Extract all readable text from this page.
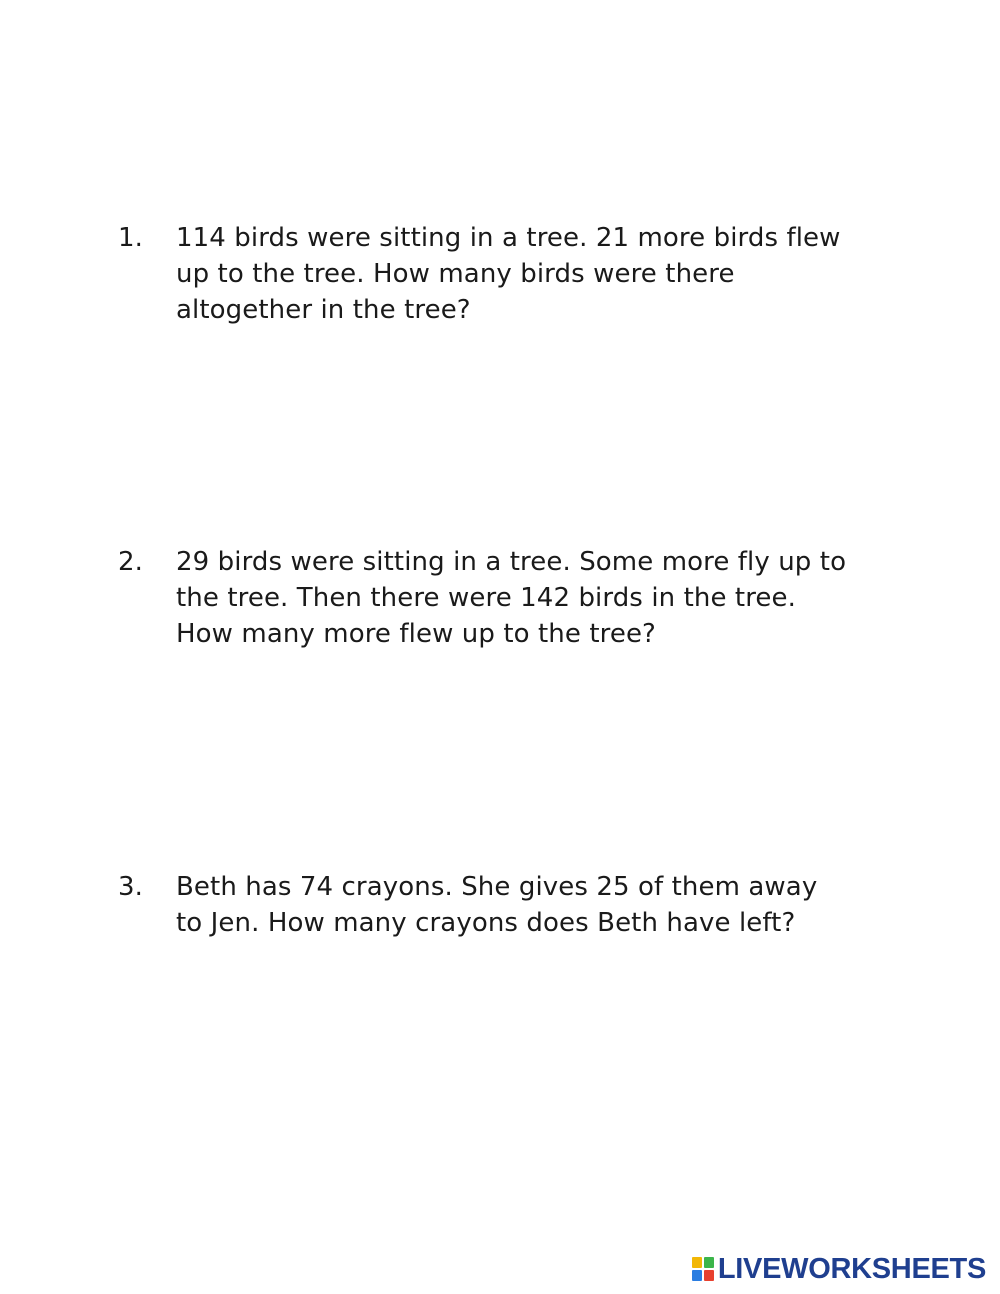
1.	114 birds were sitting in a tree. 21 more birds flew
up to the tree. How many birds were there
altogether in the tree?
2.	29 birds were sitting in a tree. Some more fly up to
the tree. Then there were 142 birds in the tree.
How many more flew up to the tree?
3.	Beth has 74 crayons. She gives 25 of them away
to Jen. How many crayons does Beth have left?
LIVEWORKSHEETS
